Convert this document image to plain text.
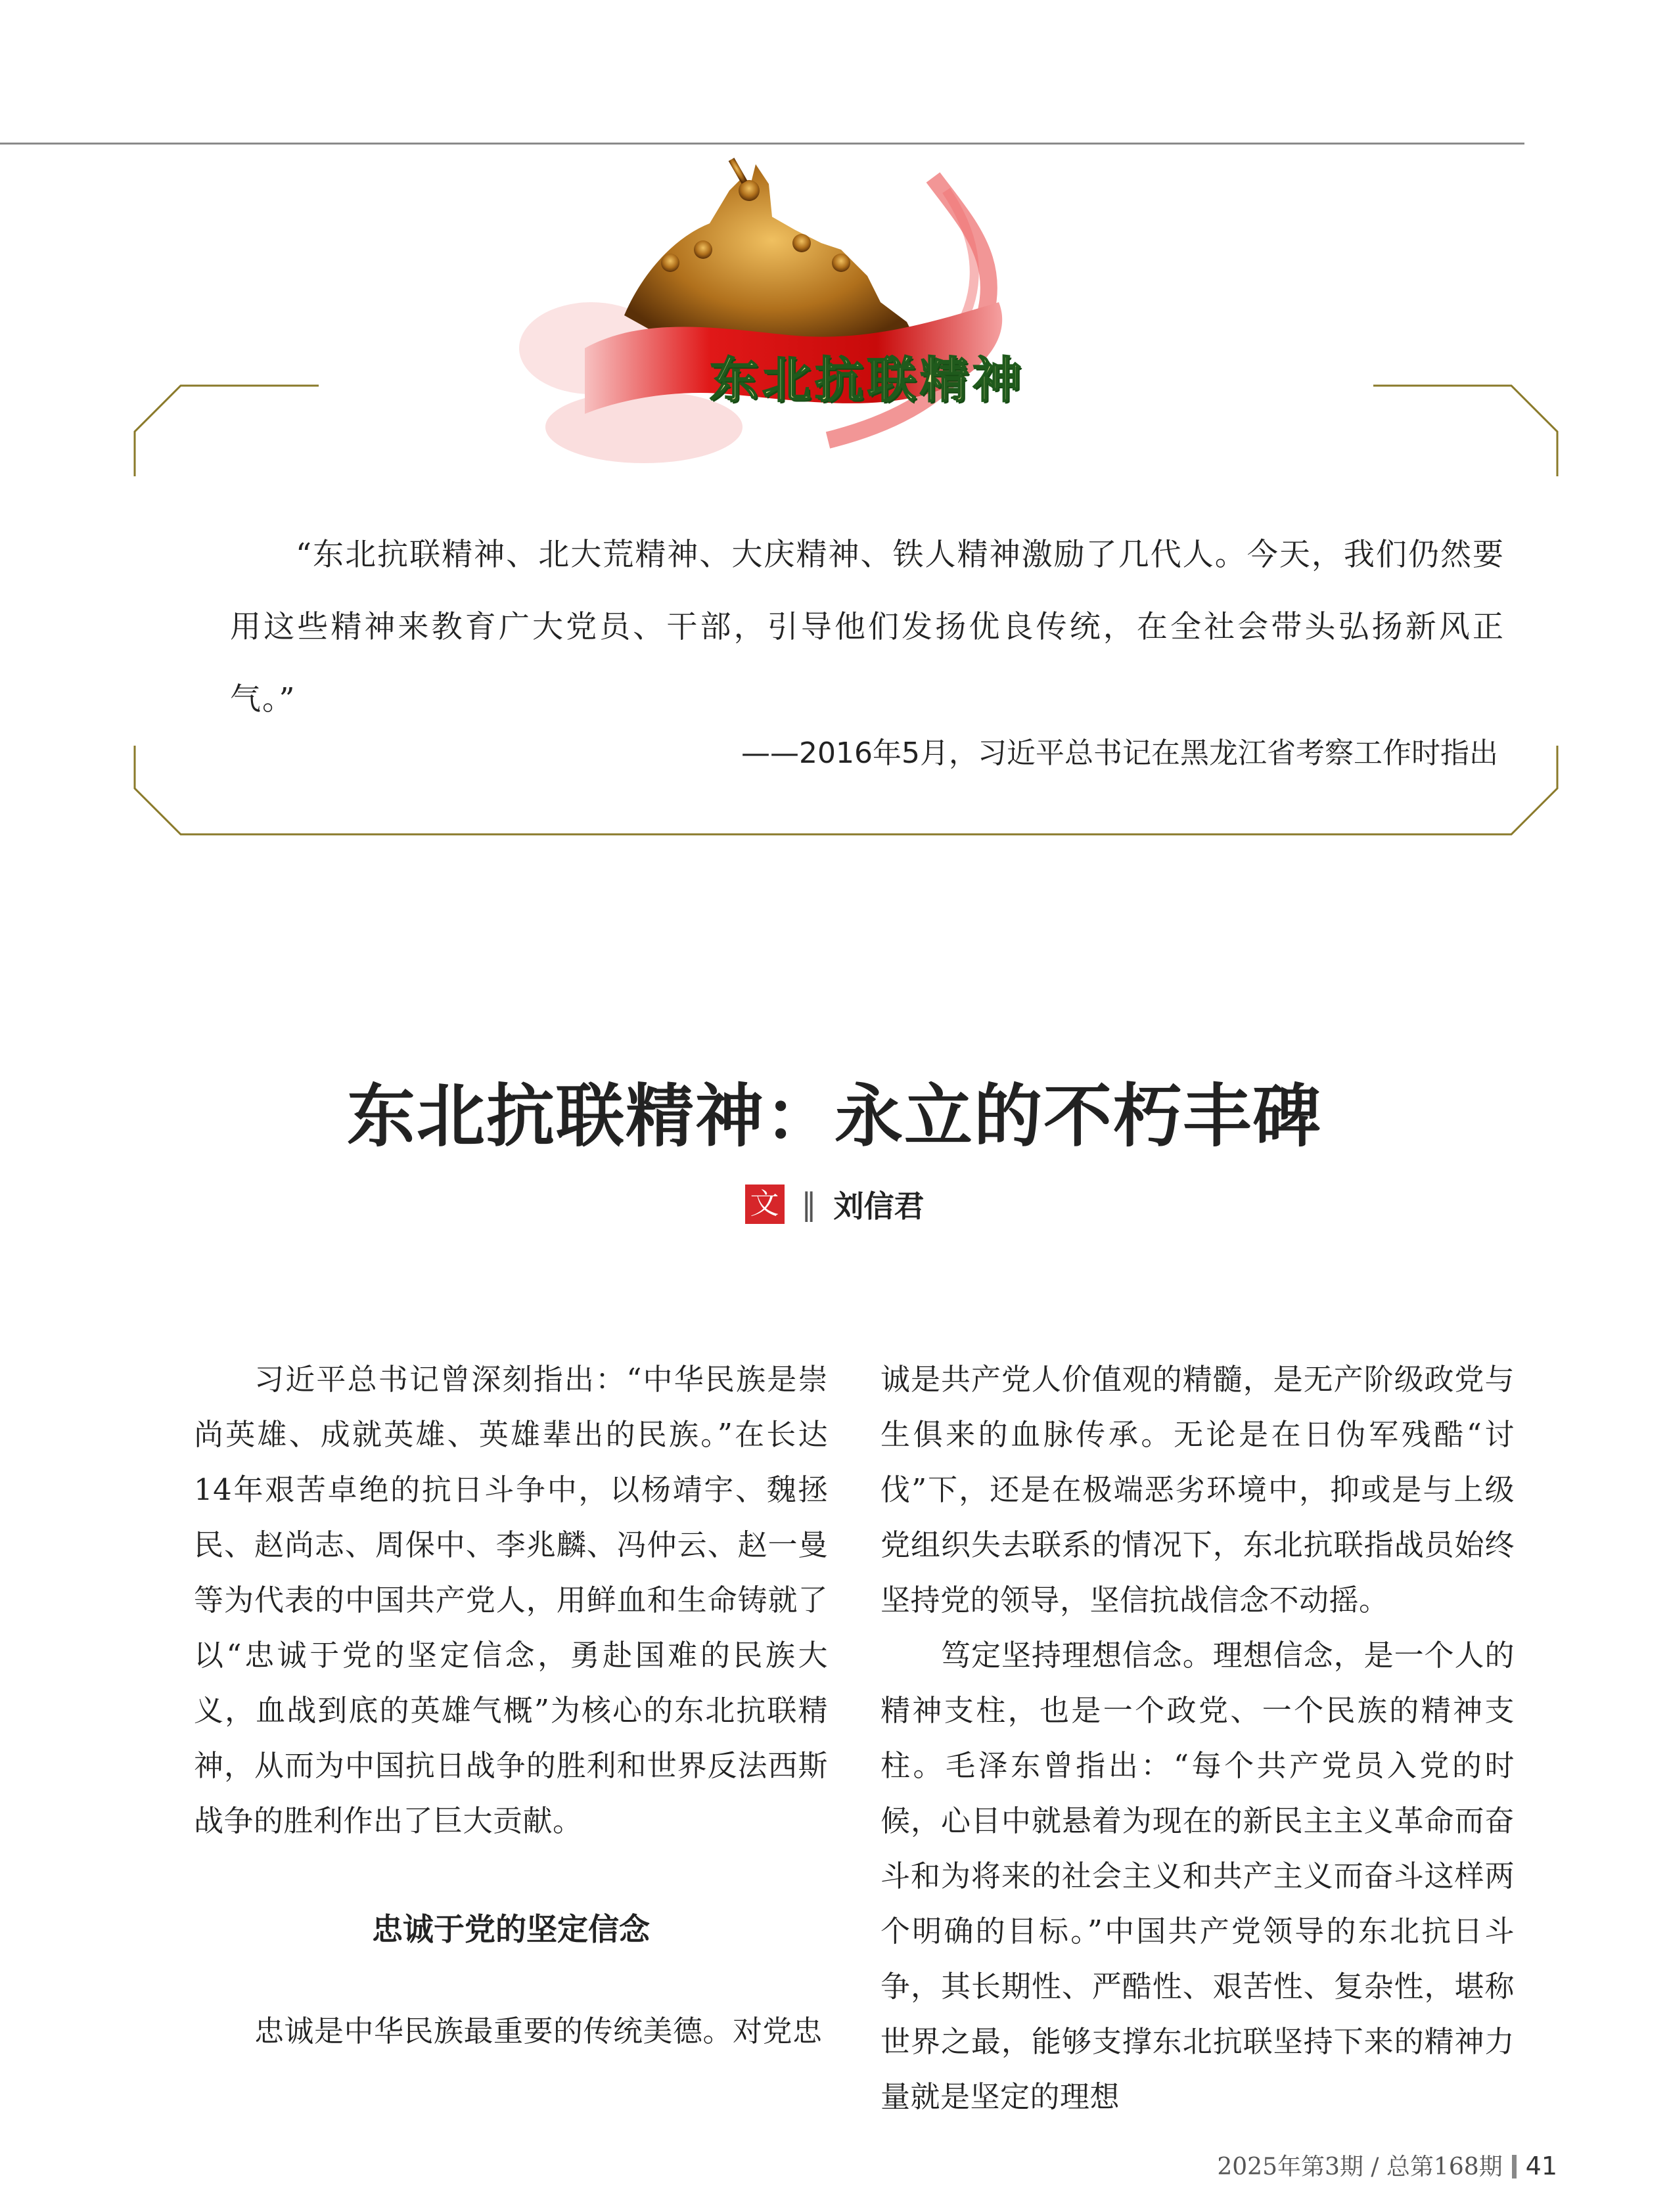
东北抗联精神
“东北抗联精神、北大荒精神、大庆精神、铁人精神激励了几代人。今天，我们仍然要用这些精神来教育广大党员、干部，引导他们发扬优良传统，在全社会带头弘扬新风正气。”
——2016年5月，习近平总书记在黑龙江省考察工作时指出
东北抗联精神：永立的不朽丰碑
文 ‖ 刘信君

习近平总书记曾深刻指出：“中华民族是崇尚英雄、成就英雄、英雄辈出的民族。”在长达14年艰苦卓绝的抗日斗争中，以杨靖宇、魏拯民、赵尚志、周保中、李兆麟、冯仲云、赵一曼等为代表的中国共产党人，用鲜血和生命铸就了以“忠诚于党的坚定信念，勇赴国难的民族大义，血战到底的英雄气概”为核心的东北抗联精神，从而为中国抗日战争的胜利和世界反法西斯战争的胜利作出了巨大贡献。

忠诚于党的坚定信念

忠诚是中华民族最重要的传统美德。对党忠

诚是共产党人价值观的精髓，是无产阶级政党与生俱来的血脉传承。无论是在日伪军残酷“讨伐”下，还是在极端恶劣环境中，抑或是与上级党组织失去联系的情况下，东北抗联指战员始终坚持党的领导，坚信抗战信念不动摇。

笃定坚持理想信念。理想信念，是一个人的精神支柱，也是一个政党、一个民族的精神支柱。毛泽东曾指出：“每个共产党员入党的时候，心目中就悬着为现在的新民主主义革命而奋斗和为将来的社会主义和共产主义而奋斗这样两个明确的目标。”中国共产党领导的东北抗日斗争，其长期性、严酷性、艰苦性、复杂性，堪称世界之最，能够支撑东北抗联坚持下来的精神力量就是坚定的理想

2025年第3期 / 总第168期 41
